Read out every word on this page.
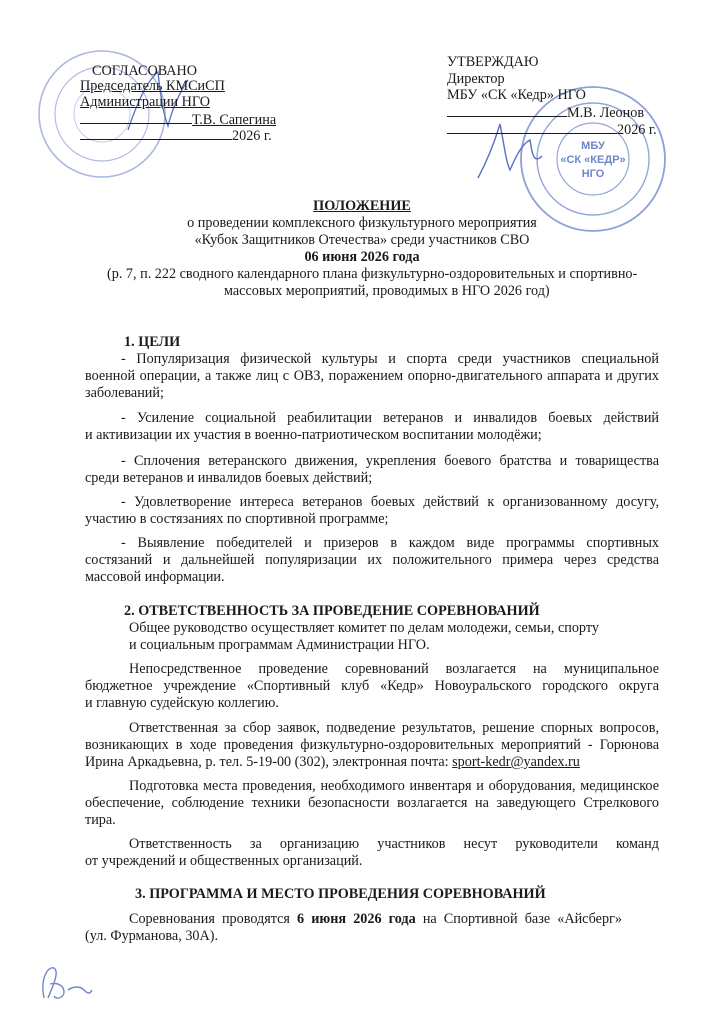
МБУ
«СК «КЕДР»
НГО
СОГЛАСОВАНО
Председатель КМСиСП
Администрации НГО
Т.В. Сапегина
2026 г.
УТВЕРЖДАЮ
Директор
МБУ «СК «Кедр» НГО
М.В. Леонов
2026 г.
ПОЛОЖЕНИЕ
о проведении комплексного физкультурного мероприятия
«Кубок Защитников Отечества» среди участников СВО
06 июня 2026 года
(р. 7, п. 222 сводного календарного плана физкультурно-оздоровительных и спортивно-
массовых мероприятий, проводимых в НГО 2026 год)
1. ЦЕЛИ
- Популяризация физической культуры и спорта среди участников специальной
военной операции, а также лиц с ОВЗ, поражением опорно-двигательного аппарата и других
заболеваний;
- Усиление социальной реабилитации ветеранов и инвалидов боевых действий
и активизации их участия в военно-патриотическом воспитании молодёжи;
- Сплочения ветеранского движения, укрепления боевого братства и товарищества
среди ветеранов и инвалидов боевых действий;
- Удовлетворение интереса ветеранов боевых действий к организованному досугу,
участию в состязаниях по спортивной программе;
- Выявление победителей и призеров в каждом виде программы спортивных
состязаний и дальнейшей популяризации их положительного примера через средства
массовой информации.
2. ОТВЕТСТВЕННОСТЬ ЗА ПРОВЕДЕНИЕ СОРЕВНОВАНИЙ
Общее руководство осуществляет комитет по делам молодежи, семьи, спорту
и социальным программам Администрации НГО.
Непосредственное проведение соревнований возлагается на муниципальное
бюджетное учреждение «Спортивный клуб «Кедр» Новоуральского городского округа
и главную судейскую коллегию.
Ответственная за сбор заявок, подведение результатов, решение спорных вопросов,
возникающих в ходе проведения физкультурно-оздоровительных мероприятий - Горюнова
Ирина Аркадьевна, р. тел. 5-19-00 (302), электронная почта: sport-kedr@yandex.ru
Подготовка места проведения, необходимого инвентаря и оборудования, медицинское
обеспечение, соблюдение техники безопасности возлагается на заведующего Стрелкового
тира.
Ответственность за организацию участников несут руководители команд
от учреждений и общественных организаций.
3. ПРОГРАММА И МЕСТО ПРОВЕДЕНИЯ СОРЕВНОВАНИЙ
Соревнования  проводятся  6  июня  2026  года  на  Спортивной  базе  «Айсберг»
(ул. Фурманова, 30А).
